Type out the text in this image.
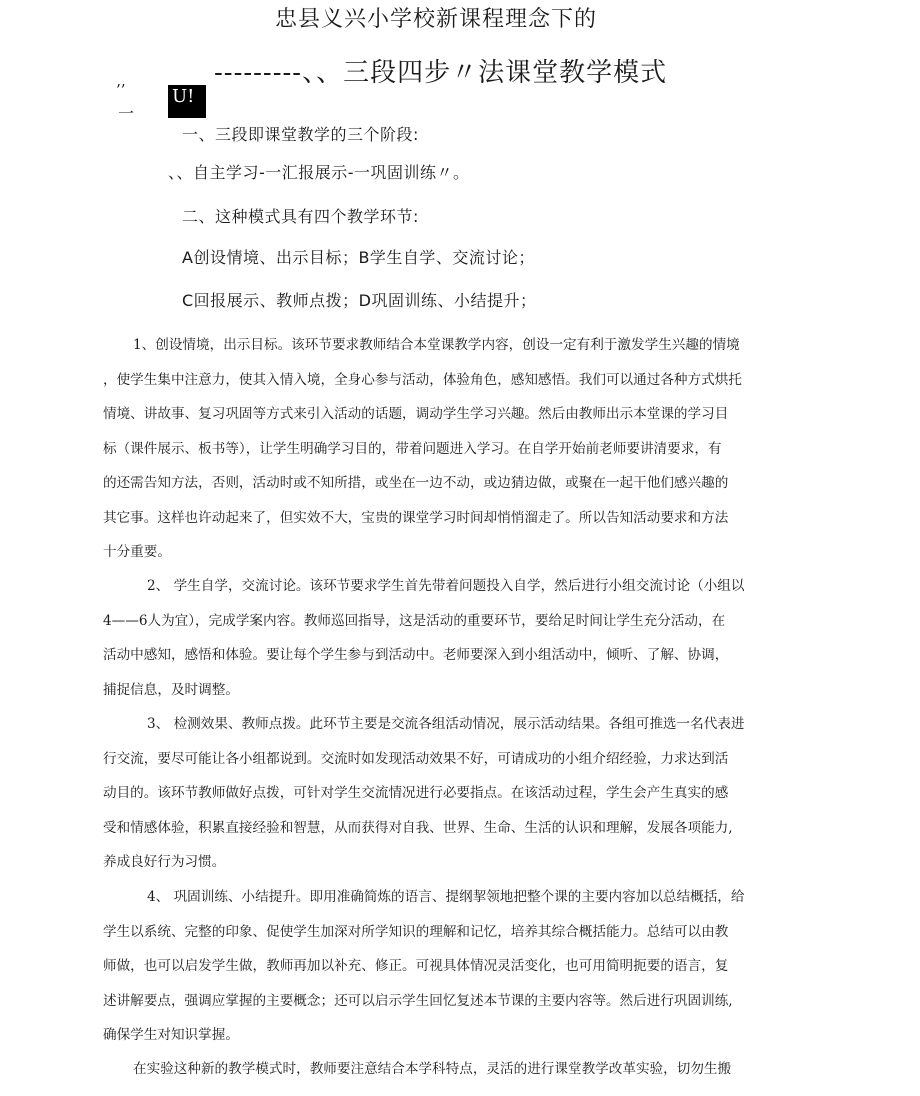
忠县义兴小学校新课程理念下的
---------、、三段四步〃法课堂教学模式
’’
一
U!
一、三段即课堂教学的三个阶段:
、、自主学习-一汇报展示-一巩固训练〃。
二、这种模式具有四个教学环节:
A创设情境、出示目标；B学生自学、交流讨论；
C回报展示、教师点拨；D巩固训练、小结提升；
1、创设情境，出示目标。该环节要求教师结合本堂课教学内容，创设一定有利于激发学生兴趣的情境
，使学生集中注意力，使其入情入境，全身心参与活动，体验角色，感知感悟。我们可以通过各种方式烘托
情境、讲故事、复习巩固等方式来引入活动的话题，调动学生学习兴趣。然后由教师出示本堂课的学习目
标（课件展示、板书等），让学生明确学习目的，带着问题进入学习。在自学开始前老师要讲清要求，有
的还需告知方法，否则，活动时或不知所措，或坐在一边不动，或边猜边做，或聚在一起干他们感兴趣的
其它事。这样也许动起来了，但实效不大，宝贵的课堂学习时间却悄悄溜走了。所以告知活动要求和方法
十分重要。
2、 学生自学，交流讨论。该环节要求学生首先带着问题投入自学，然后进行小组交流讨论（小组以
4——6人为宜），完成学案内容。教师巡回指导，这是活动的重要环节，要给足时间让学生充分活动，在
活动中感知，感悟和体验。要让每个学生参与到活动中。老师要深入到小组活动中，倾听、了解、协调，
捕捉信息，及时调整。
3、 检测效果、教师点拨。此环节主要是交流各组活动情况，展示活动结果。各组可推选一名代表进
行交流，要尽可能让各小组都说到。交流时如发现活动效果不好，可请成功的小组介绍经验，力求达到活
动目的。该环节教师做好点拨，可针对学生交流情况进行必要指点。在该活动过程，学生会产生真实的感
受和情感体验，积累直接经验和智慧，从而获得对自我、世界、生命、生活的认识和理解，发展各项能力,
养成良好行为习惯。
4、 巩固训练、小结提升。即用准确简炼的语言、提纲挈领地把整个课的主要内容加以总结概括，给
学生以系统、完整的印象、促使学生加深对所学知识的理解和记忆，培养其综合概括能力。总结可以由教
师做，也可以启发学生做，教师再加以补充、修正。可视具体情况灵活变化，也可用简明扼要的语言，复
述讲解要点，强调应掌握的主要概念；还可以启示学生回忆复述本节课的主要内容等。然后进行巩固训练,
确保学生对知识掌握。
在实验这种新的教学模式时，教师要注意结合本学科特点，灵活的进行课堂教学改革实验，切勿生搬
